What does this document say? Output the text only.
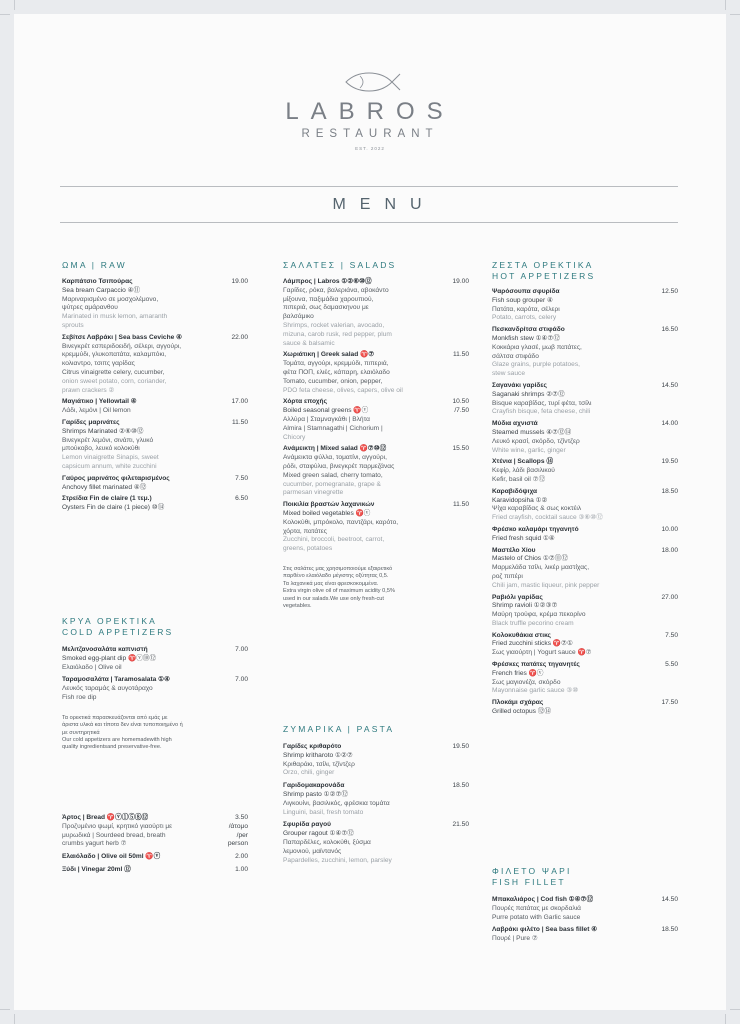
LABROS
RESTAURANT
EST. 2022
MENU
ΩΜΑ | RAW
Καρπάτσιο Τσιπούρας
Sea bream Carpaccio ④⑪
Μαριναρισμένο σε μοσχολέμονο,
ψύτρες αμάρανθου
Marinated in musk lemon, amaranth
sprouts
19.00
Σεβίτσε Λαβράκι | Sea bass Ceviche ④
Βινεγκρέτ εσπεριδοειδή, σέλερι, αγγούρι,
κρεμμύδι, γλυκοπατάτα, καλαμπόκι,
κολιαντρο, τσιπς γαρίδας
Citrus vinaigrette celery, cucumber,
onion sweet potato, corn, coriander,
prawn crackers ②
22.00
Μαγιάτικο | Yellowtail ④
Λάδι, λεμόνι | Oil lemon
17.00
Γαρίδες μαρινάτες
Shrimps Marinated ②⑥⑩⑫
Βινεγκρέτ λεμόνι, σινάπι, γλυκό
μπούκοβο, λευκό κολοκύθι
Lemon vinaigrette Sinapis, sweet
capsicum annum, white zucchini
11.50
Γαύρος μαρινάτος φιλεταρισμένος
Anchovy fillet marinated ④⑫
7.50
Στρείδια Fin de claire (1 τεμ.)
Oysters Fin de claire (1 piece) ⑩⑭
6.50
ΚΡΥΑ ΟΡΕΚΤΙΚΑ
COLD APPETIZERS
Μελιτζανοσαλάτα καπνιστή
Smoked egg-plant dip ♈ⓥ⑩⑫
Ελαιόλαδο | Olive oil
7.00
Ταραμοσαλάτα | Taramosalata ①④
Λευκός ταραμάς & αυγοτάραχο
Fish roe dip
7.00
Τα ορεκτικά παρασκευάζονται από εμάς με
άριστα υλικά και τίποτα δεν είναι τυποποιημένο ή
με συντηρητικά
Our cold appetizers are homemadewith high
quality ingredientsand preservative-free.
Άρτος | Bread ♈ⓥ①⑤⑧⑫
Προζυμένιο ψωμί, κρητικό γιαούρτι με
μυρωδικά | Sourdeed bread, breath
crumbs yagurt herb ⑦
3.50
/άτομο
/per
person
Ελαιόλαδο | Olive oil 50ml ♈ⓥ	2.00
Ξύδι | Vinegar 20ml ⑫	1.00
ΣΑΛΑΤΕΣ | SALADS
Λάμπρος | Labros ①②⑥⑩⑫
Γαρίδες, ρόκα, βαλεριάνα, αβοκάντο
μίξουνα, παξιμάδια χαρουπιού,
πιπεριά, σως δαμασκηνου με
βαλσάμικο
Shrimps, rocket valerian, avocado,
mizuna, carob rusk, red pepper, plum
sauce & balsamic
19.00
Χωριάτικη | Greek salad ♈⑦
Τομάτα, αγγούρι, κρεμμύδι, πιπεριά,
φέτα ΠΟΠ, ελιές, κάπαρη, ελαιόλαδο
Tomato, cucumber, onion, pepper,
PDO feta cheese, olives, capers, olive oil
11.50
Χόρτα εποχής
Boiled seasonal greens ♈ⓥ
Αλλύρα | Σταμναγκάθι | Βλήτα
Almira | Stamnagathi | Cichorium |
Chicory
10.50
/7.50
Ανάμεικτη | Mixed salad ♈⑦⑩⑫
Ανάμεικτα φύλλα, τοματίνι, αγγούρι,
ρόδι, σταφύλια, βινεγκρέτ παρμεζάνας
Mixed green salad, cherry tomato,
cucumber, pomegranate, grape &
parmesan vinegrette
15.50
Ποικιλία βραστών λαχανικών
Mixed boiled vegetables ♈ⓥ
Κολοκύθι, μπρόκολο, παντζάρι, καρότο,
χόρτα, πατάτες
Zucchini, broccoli, beetroot, carrot,
greens, potatoes
11.50
Στις σαλάτες μας χρησιμοποιούμε εξαιρετικό
παρθένο ελαιόλαδο μέγιστης οξύτητας 0,5.
Τα λαχανικά μας είναι φρεσκοκομμένα.
Extra virgin olive oil of maximum acidity 0,5%
used in our salads.We use only fresh-cut
vegetables.
ΖΥΜΑΡΙΚΑ | PASTA
Γαρίδες κριθαρότο
Shrimp kritharoto ①②⑦
Κριθαράκι, τσίλι, τζίντζερ
Orzo, chili, ginger
19.50
Γαριδομακαρονάδα
Shrimp pasto ①②⑦⑫
Λιγκουίνι, βασιλικός, φρέσκια τομάτα
Linguini, basil, fresh tomato
18.50
Σφυρίδα ραγού
Grouper ragout ①④⑦⑫
Παπαρδέλες, κολοκύθι, ξύσμα
λεμονιού, μαϊντανός
Papardelles, zucchini, lemon, parsley
21.50
ΖΕΣΤΑ ΟΡΕΚΤΙΚΑ
HOT APPETIZERS
Ψαρόσουπα σφυρίδα
Fish soup grouper ④
Πατάτα, καρότα, σέλερι
Potato, carrots, celery
12.50
Πεσκανδρίτσα στιφάδο
Monkfish stew ①④⑦⑫
Κοκκάρια γλασέ, μωβ πατάτες,
σάλτσα στιφάδο
Glaze grains, purple potatoes,
stew sauce
16.50
Σαγανάκι γαρίδες
Saganaki shrimps ②⑦⑫
Bisque καραβίδας, τυρί φέτα, τσίλι
Crayfish bisque, feta cheese, chili
14.50
Μύδια αχνιστά
Steamed mussels ④⑦⑫⑭
Λευκό κρασί, σκόρδο, τζίντζερ
White wine, garlic, ginger
14.00
Χτένια | Scallops ⑭
Κεφίρ, λάδι βασιλικού
Kefir, basil oil ⑦⑫
19.50
Καραβιδόψιχα
Karavidopsiha ①②
Ψίχα καραβίδας & σως κοκτέιλ
Fried crayfish, cocktail sauce ③⑥⑩⑫
18.50
Φρέσκο καλαμάρι τηγανητό
Fried fresh squid ①④
10.00
Μαστέλο Χίου
Mastelo of Chios ①⑦⑪⑫
Μαρμελάδα τσίλι, λικέρ μαστίχας,
ροζ πιπέρι
Chili jam, mastic liqueur, pink pepper
18.00
Ραβιόλι γαρίδας
Shrimp ravioli ①②③⑦
Μαύρη τρούφα, κρέμα πεκορίνο
Black truffle pecorino cream
27.00
Κολοκυθάκια στικς
Fried zucchini sticks ♈⑦①
Σως γιαούρτη | Yogurt sauce ♈⑦
7.50
Φρέσκες πατάτες τηγανητές
French fries ♈ⓥ
Σως μαγιονέζα, σκόρδο
Mayonnaise garlic sauce ③⑩
5.50
Πλοκάμι σχάρας
Grilled octopus ⑫⑭
17.50
ΦΙΛΕΤΟ ΨΑΡΙ
FISH FILLET
Μπακαλιάρος | Cod fish ①④⑦⑫
Πουρές πατάτας με σκορδαλιά
Purre potato with Garlic sauce
14.50
Λαβράκι φιλέτο | Sea bass fillet ④
Πουρέ | Pure ⑦
18.50
